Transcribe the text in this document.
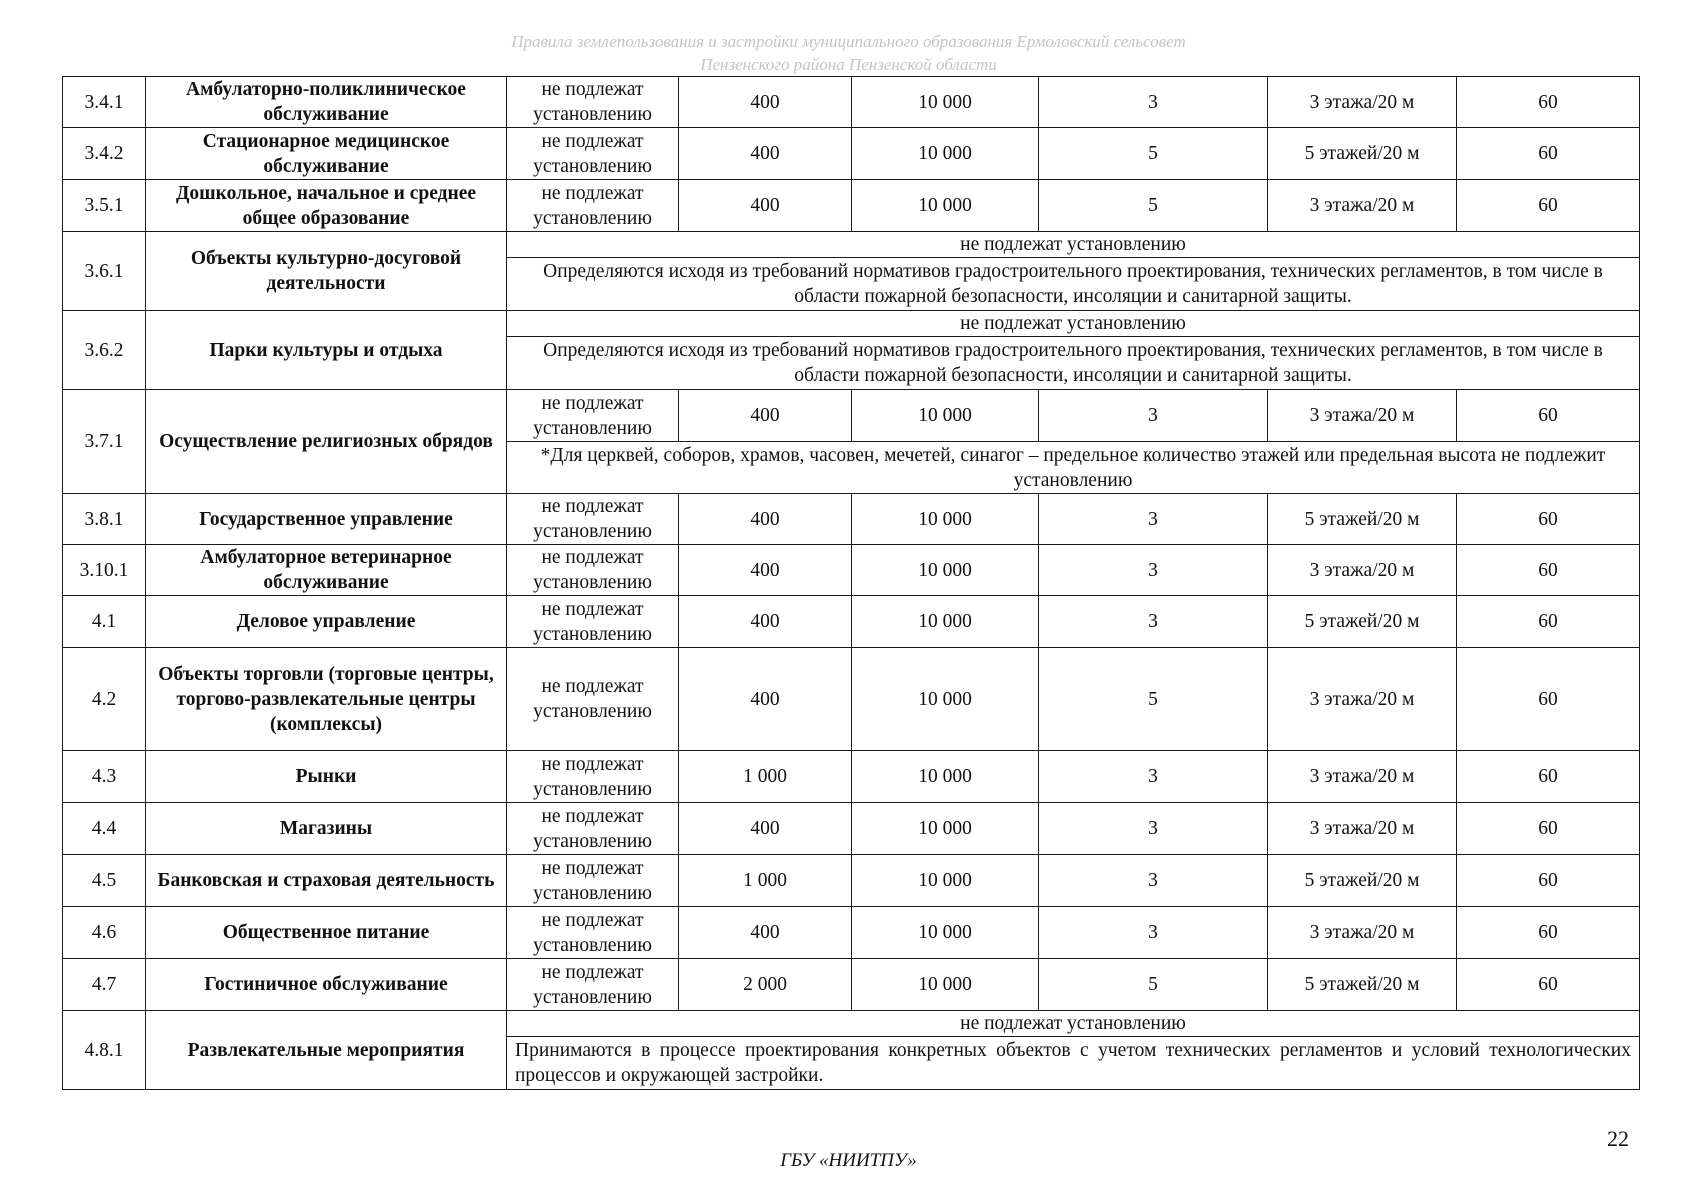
Правила землепользования и застройки муниципального образования Ермоловский сельсовет
Пензенского района Пензенской области
3.4.1	Амбулаторно-поликлиническое обслуживание	не подлежат установлению	400	10 000	3	3 этажа/20 м	60
3.4.2	Стационарное медицинское обслуживание	не подлежат установлению	400	10 000	5	5 этажей/20 м	60
3.5.1	Дошкольное, начальное и среднее общее образование	не подлежат установлению	400	10 000	5	3 этажа/20 м	60
3.6.1	Объекты культурно-досуговой деятельности	не подлежат установлению					
		Определяются исходя из требований нормативов градостроительного проектирования, технических регламентов, в том числе в области пожарной безопасности, инсоляции и санитарной защиты.					
3.6.2	Парки культуры и отдыха	не подлежат установлению					
		Определяются исходя из требований нормативов градостроительного проектирования, технических регламентов, в том числе в области пожарной безопасности, инсоляции и санитарной защиты.					
3.7.1	Осуществление религиозных обрядов	не подлежат установлению	400	10 000	3	3 этажа/20 м	60
		*Для церквей, соборов, храмов, часовен, мечетей, синагог – предельное количество этажей или предельная высота не подлежит установлению					
3.8.1	Государственное управление	не подлежат установлению	400	10 000	3	5 этажей/20 м	60
3.10.1	Амбулаторное ветеринарное обслуживание	не подлежат установлению	400	10 000	3	3 этажа/20 м	60
4.1	Деловое управление	не подлежат установлению	400	10 000	3	5 этажей/20 м	60
4.2	Объекты торговли (торговые центры, торгово-развлекательные центры (комплексы)	не подлежат установлению	400	10 000	5	3 этажа/20 м	60
4.3	Рынки	не подлежат установлению	1 000	10 000	3	3 этажа/20 м	60
4.4	Магазины	не подлежат установлению	400	10 000	3	3 этажа/20 м	60
4.5	Банковская и страховая деятельность	не подлежат установлению	1 000	10 000	3	5 этажей/20 м	60
4.6	Общественное питание	не подлежат установлению	400	10 000	3	3 этажа/20 м	60
4.7	Гостиничное обслуживание	не подлежат установлению	2 000	10 000	5	5 этажей/20 м	60
4.8.1	Развлекательные мероприятия	не подлежат установлению					
		Принимаются в процессе проектирования конкретных объектов с учетом технических регламентов и условий технологических процессов и окружающей застройки.					
22
ГБУ «НИИТПУ»
